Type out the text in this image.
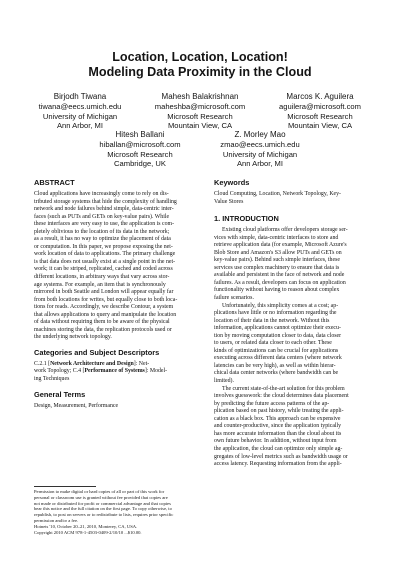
Location, Location, Location!
Modeling Data Proximity in the Cloud
Birjodh Tiwana
tiwana@eecs.umich.edu
University of Michigan
Ann Arbor, MI
Mahesh Balakrishnan
maheshba@microsoft.com
Microsoft Research
Mountain View, CA
Marcos K. Aguilera
aguilera@microsoft.com
Microsoft Research
Mountain View, CA
Hitesh Ballani
hiballan@microsoft.com
Microsoft Research
Cambridge, UK
Z. Morley Mao
zmao@eecs.umich.edu
University of Michigan
Ann Arbor, MI
ABSTRACT
Cloud applications have increasingly come to rely on dis-
tributed storage systems that hide the complexity of handling
network and node failures behind simple, data-centric inter-
faces (such as PUTs and GETs on key-value pairs). While
these interfaces are very easy to use, the application is com-
pletely oblivious to the location of its data in the network;
as a result, it has no way to optimize the placement of data
or computation. In this paper, we propose exposing the net-
work location of data to applications. The primary challenge
is that data does not usually exist at a single point in the net-
work; it can be striped, replicated, cached and coded across
different locations, in arbitrary ways that vary across stor-
age systems. For example, an item that is synchronously
mirrored in both Seattle and London will appear equally far
from both locations for writes, but equally close to both loca-
tions for reads. Accordingly, we describe Contour, a system
that allows applications to query and manipulate the location
of data without requiring them to be aware of the physical
machines storing the data, the replication protocols used or
the underlying network topology.
Categories and Subject Descriptors
C.2.1 [Network Architecture and Design]: Net-
work Topology; C.4 [Performance of Systems]: Model-
ing Techniques
General Terms
Design, Measurement, Performance
Permission to make digital or hard copies of all or part of this work for
personal or classroom use is granted without fee provided that copies are
not made or distributed for profit or commercial advantage and that copies
bear this notice and the full citation on the first page. To copy otherwise, to
republish, to post on servers or to redistribute to lists, requires prior specific
permission and/or a fee.
Hotnets '10, October 20–21, 2010, Monterey, CA, USA.
Copyright 2010 ACM 978-1-4503-0409-2/10/10 ...$10.00.
Keywords
Cloud Computing, Location, Network Topology, Key-
Value Stores
1. INTRODUCTION
Existing cloud platforms offer developers storage ser-
vices with simple, data-centric interfaces to store and
retrieve application data (for example, Microsoft Azure's
Blob Store and Amazon's S3 allow PUTs and GETs on
key-value pairs). Behind such simple interfaces, these
services use complex machinery to ensure that data is
available and persistent in the face of network and node
failures. As a result, developers can focus on application
functionality without having to reason about complex
failure scenarios.
Unfortunately, this simplicity comes at a cost; ap-
plications have little or no information regarding the
location of their data in the network. Without this
information, applications cannot optimize their execu-
tion by moving computation closer to data, data closer
to users, or related data closer to each other. These
kinds of optimizations can be crucial for applications
executing across different data centers (where network
latencies can be very high), as well as within hierar-
chical data center networks (where bandwidth can be
limited).
The current state-of-the-art solution for this problem
involves guesswork: the cloud determines data placement
by predicting the future access patterns of the ap-
plication based on past history, while treating the appli-
cation as a black box. This approach can be expensive
and counter-productive, since the application typically
has more accurate information than the cloud about its
own future behavior. In addition, without input from
the application, the cloud can optimize only simple ag-
gregates of low-level metrics such as bandwidth usage or
access latency. Requesting information from the appli-
